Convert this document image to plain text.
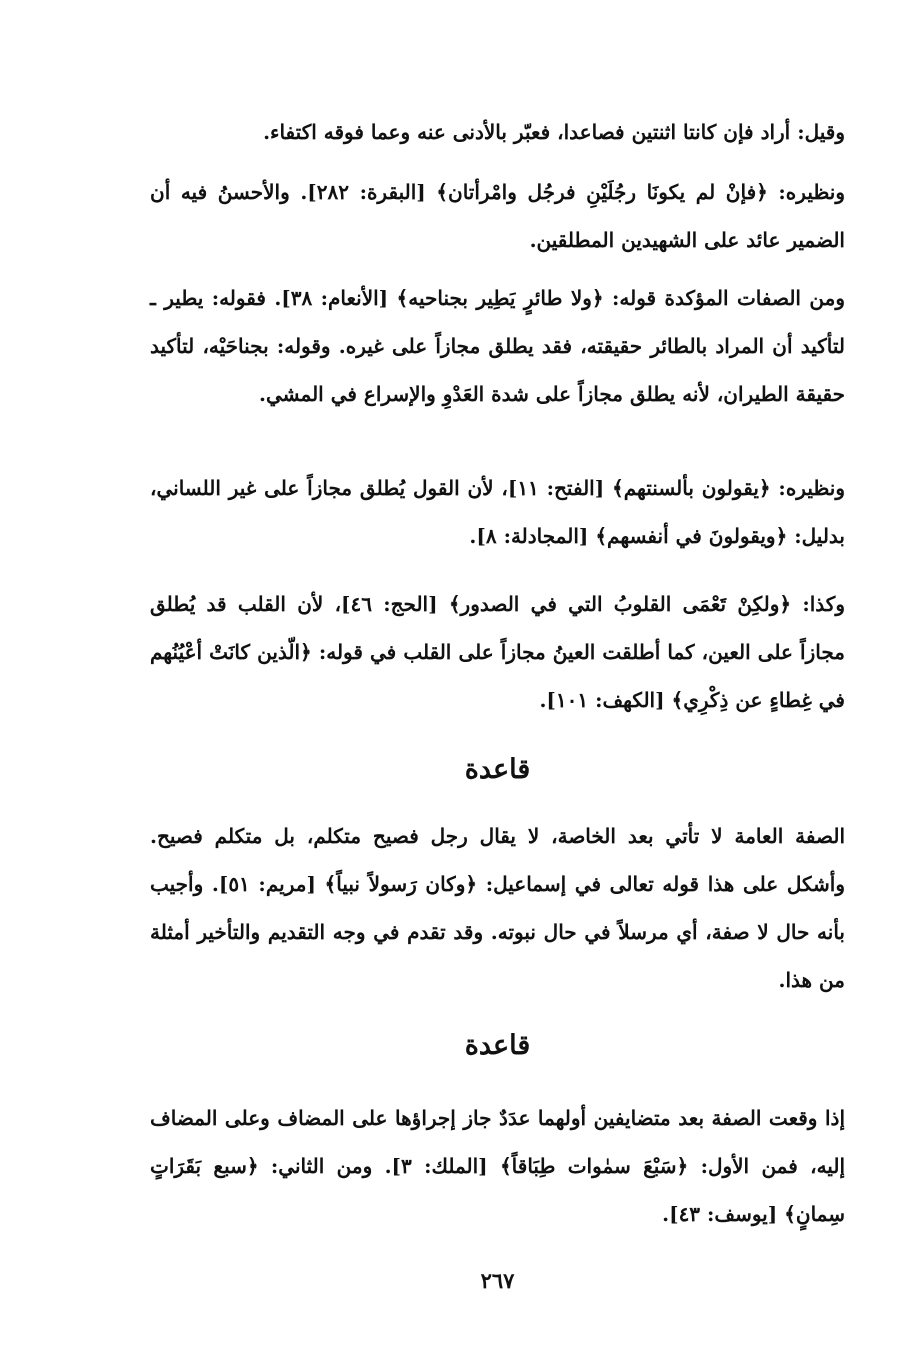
وقيل: أراد فإن كانتا اثنتين فصاعدا، فعبّر بالأدنى عنه وعما فوقه اكتفاء.

ونظيره: ﴿فإنْ لم يكونَا رجُلَيْنِ فرجُل وامْرأتان﴾ [البقرة: ٢٨٢]. والأحسنُ فيه أن الضمير عائد على الشهيدين المطلقين.

ومن الصفات المؤكدة قوله: ﴿ولا طائرٍ يَطِير بجناحيه﴾ [الأنعام: ٣٨]. فقوله: يطير ـ لتأكيد أن المراد بالطائر حقيقته، فقد يطلق مجازاً على غيره. وقوله: بجناحَيْه، لتأكيد حقيقة الطيران، لأنه يطلق مجازاً على شدة العَدْوِ والإسراع في المشي.

ونظيره: ﴿يقولون بألسنتهم﴾ [الفتح: ١١]، لأن القول يُطلق مجازاً على غير اللساني، بدليل: ﴿ويقولونَ في أنفسهم﴾ [المجادلة: ٨].

وكذا: ﴿ولكِنْ تَعْمَى القلوبُ التي في الصدور﴾ [الحج: ٤٦]، لأن القلب قد يُطلق مجازاً على العين، كما أطلقت العينُ مجازاً على القلب في قوله: ﴿الّذين كانَتْ أعْيُنُهم في غِطاءٍ عن ذِكْرِي﴾ [الكهف: ١٠١].

قاعدة

الصفة العامة لا تأتي بعد الخاصة، لا يقال رجل فصيح متكلم، بل متكلم فصيح. وأشكل على هذا قوله تعالى في إسماعيل: ﴿وكان رَسولاً نبياً﴾ [مريم: ٥١]. وأجيب بأنه حال لا صفة، أي مرسلاً في حال نبوته. وقد تقدم في وجه التقديم والتأخير أمثلة من هذا.

قاعدة

إذا وقعت الصفة بعد متضايفين أولهما عدَدٌ جاز إجراؤها على المضاف وعلى المضاف إليه، فمن الأول: ﴿سَبْعَ سمٰوات طِبَاقاً﴾ [الملك: ٣]. ومن الثاني: ﴿سبع بَقَرَاتٍ سِمانٍ﴾ [يوسف: ٤٣].

٢٦٧
